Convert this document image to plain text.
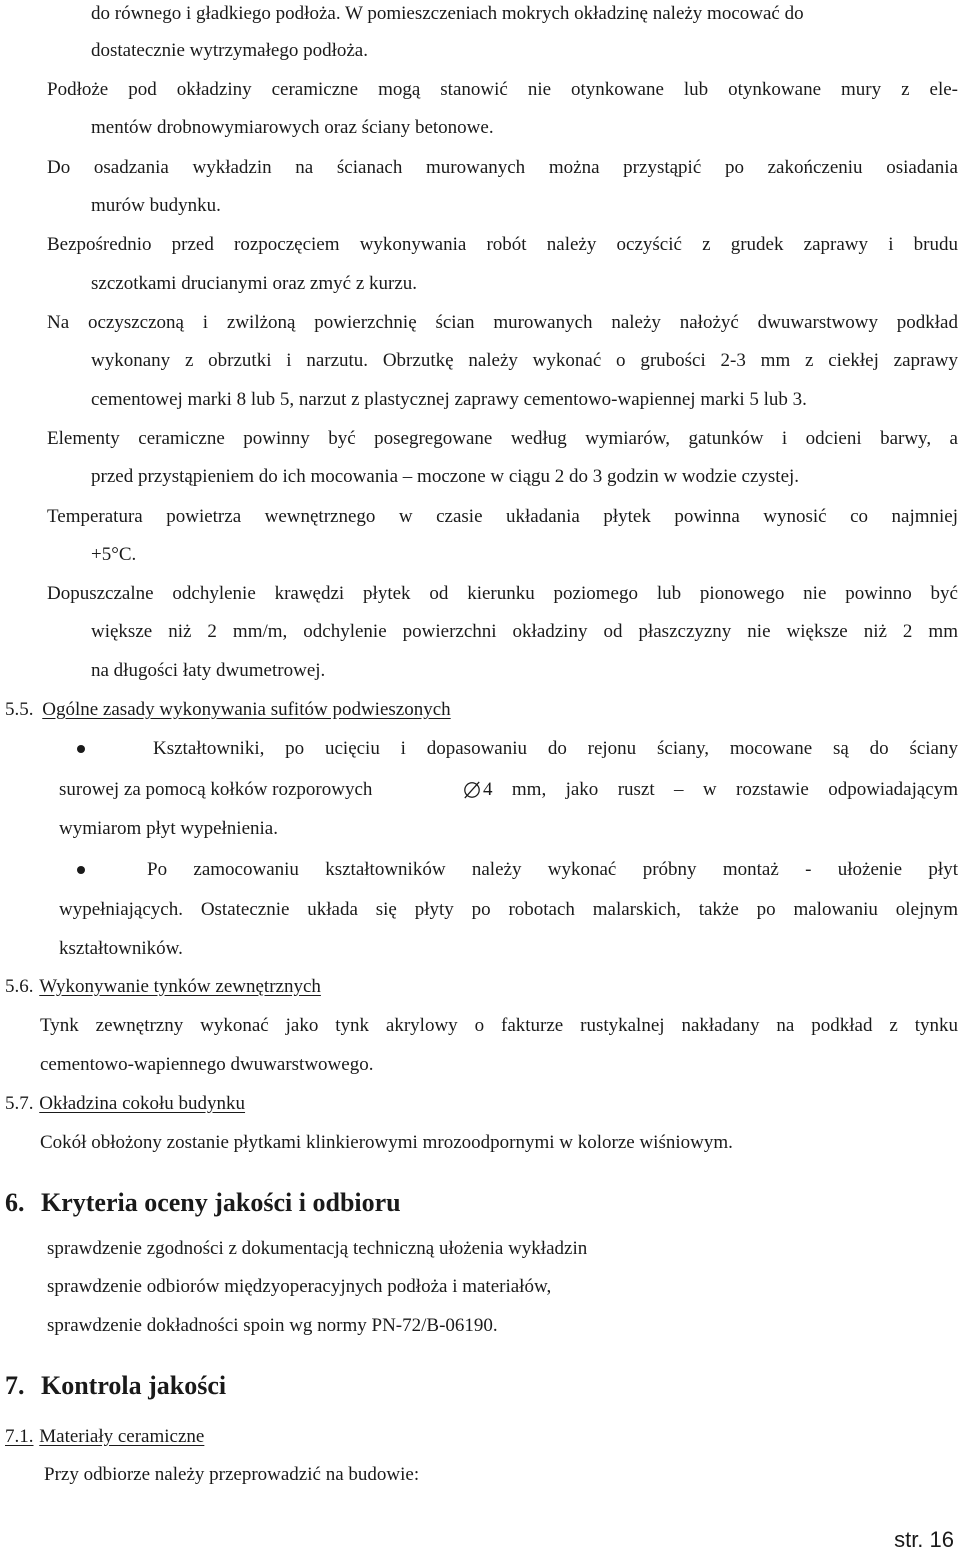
do równego i gładkiego podłoża. W pomieszczeniach mokrych okładzinę należy mocować do
dostatecznie wytrzymałego podłoża.
Podłoże pod okładziny ceramiczne mogą stanowić nie otynkowane lub otynkowane mury z ele-
mentów drobnowymiarowych oraz ściany betonowe.
Do osadzania wykładzin na ścianach murowanych można przystąpić po zakończeniu osiadania
murów budynku.
Bezpośrednio przed rozpoczęciem wykonywania robót należy oczyścić z grudek zaprawy i brudu
szczotkami drucianymi oraz zmyć z kurzu.
Na oczyszczoną i zwilżoną powierzchnię ścian murowanych należy nałożyć dwuwarstwowy podkład
wykonany z obrzutki i narzutu. Obrzutkę należy wykonać o grubości 2-3 mm z ciekłej zaprawy
cementowej marki 8 lub 5, narzut z plastycznej zaprawy cementowo-wapiennej marki 5 lub 3.
Elementy ceramiczne powinny być posegregowane według wymiarów, gatunków i odcieni barwy, a
przed przystąpieniem do ich mocowania – moczone w ciągu 2 do 3 godzin w wodzie czystej.
Temperatura powietrza wewnętrznego w czasie układania płytek powinna wynosić co najmniej
+5°C.
Dopuszczalne odchylenie krawędzi płytek od kierunku poziomego lub pionowego nie powinno być
większe niż 2 mm/m, odchylenie powierzchni okładziny od płaszczyzny nie większe niż 2 mm
na długości łaty dwumetrowej.
5.5. Ogólne zasady wykonywania sufitów podwieszonych
Kształtowniki, po ucięciu i dopasowaniu do rejonu ściany, mocowane są do ściany
surowej za pomocą kołków rozporowych	4 mm, jako ruszt – w rozstawie odpowiadającym
wymiarom płyt wypełnienia.
Po zamocowaniu kształtowników należy wykonać próbny montaż - ułożenie płyt
wypełniających. Ostatecznie układa się płyty po robotach malarskich, także po malowaniu olejnym
kształtowników.
5.6. Wykonywanie tynków zewnętrznych
Tynk zewnętrzny wykonać jako tynk akrylowy o fakturze rustykalnej nakładany na podkład z tynku
cementowo-wapiennego dwuwarstwowego.
5.7. Okładzina cokołu budynku
Cokół obłożony zostanie płytkami klinkierowymi mrozoodpornymi w kolorze wiśniowym.
6. Kryteria oceny jakości i odbioru
sprawdzenie zgodności z dokumentacją techniczną ułożenia wykładzin
sprawdzenie odbiorów międzyoperacyjnych podłoża i materiałów,
sprawdzenie dokładności spoin wg normy PN-72/B-06190.
7. Kontrola jakości
7.1. Materiały ceramiczne
Przy odbiorze należy przeprowadzić na budowie:
str. 16
